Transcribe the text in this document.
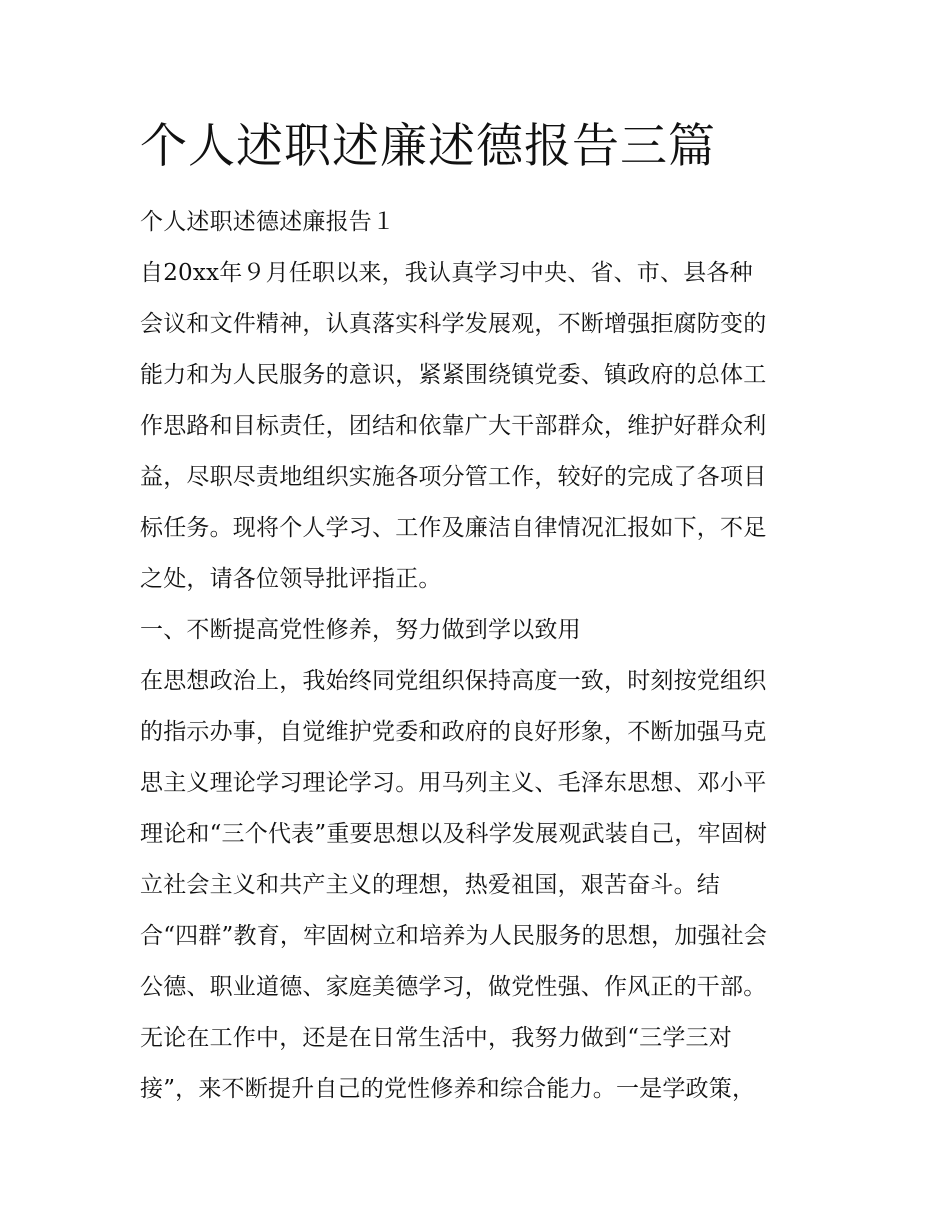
个人述职述廉述德报告三篇

个人述职述德述廉报告１

自20xx年９月任职以来，我认真学习中央、省、市、县各种

会议和文件精神，认真落实科学发展观，不断增强拒腐防变的

能力和为人民服务的意识，紧紧围绕镇党委、镇政府的总体工

作思路和目标责任，团结和依靠广大干部群众，维护好群众利

益，尽职尽责地组织实施各项分管工作，较好的完成了各项目

标任务。现将个人学习、工作及廉洁自律情况汇报如下，不足

之处，请各位领导批评指正。

一、不断提高党性修养，努力做到学以致用

在思想政治上，我始终同党组织保持高度一致，时刻按党组织

的指示办事，自觉维护党委和政府的良好形象，不断加强马克

思主义理论学习理论学习。用马列主义、毛泽东思想、邓小平

理论和“三个代表”重要思想以及科学发展观武装自己，牢固树

立社会主义和共产主义的理想，热爱祖国，艰苦奋斗。结

合“四群”教育，牢固树立和培养为人民服务的思想，加强社会

公德、职业道德、家庭美德学习，做党性强、作风正的干部。

无论在工作中，还是在日常生活中，我努力做到“三学三对

接”，来不断提升自己的党性修养和综合能力。一是学政策，
